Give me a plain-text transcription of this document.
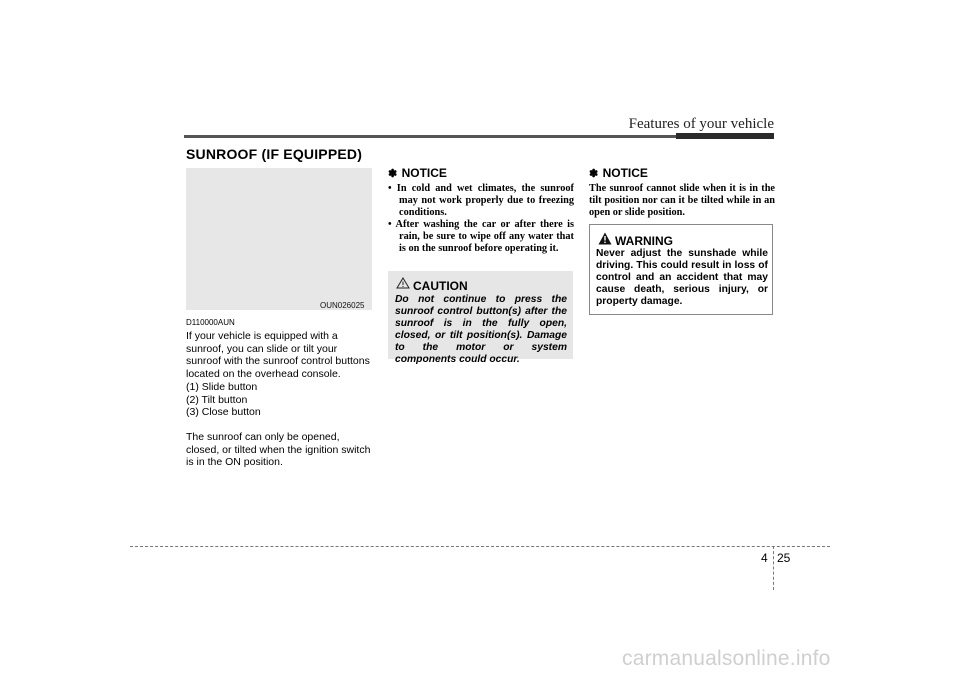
Features of your vehicle
SUNROOF (IF EQUIPPED)
OUN026025
D110000AUN

If your vehicle is equipped with a sunroof, you can slide or tilt your sunroof with the sunroof control buttons located on the overhead console.

(1) Slide button

(2) Tilt button

(3) Close button

The sunroof can only be opened, closed, or tilted when the ignition switch is in the ON position.

✽ NOTICE
• In cold and wet climates, the sunroof may not work properly due to freezing conditions.
• After washing the car or after there is rain, be sure to wipe off any water that is on the sunroof before operating it.
CAUTION
Do not continue to press the sunroof control button(s) after the sunroof is in the fully open, closed, or tilt position(s). Damage to the motor or system components could occur.
✽ NOTICE

The sunroof cannot slide when it is in the tilt position nor can it be tilted while in an open or slide position.

WARNING
Never adjust the sunshade while driving. This could result in loss of control and an accident that may cause death, serious injury, or property damage.
4 25
carmanualsonline.info
